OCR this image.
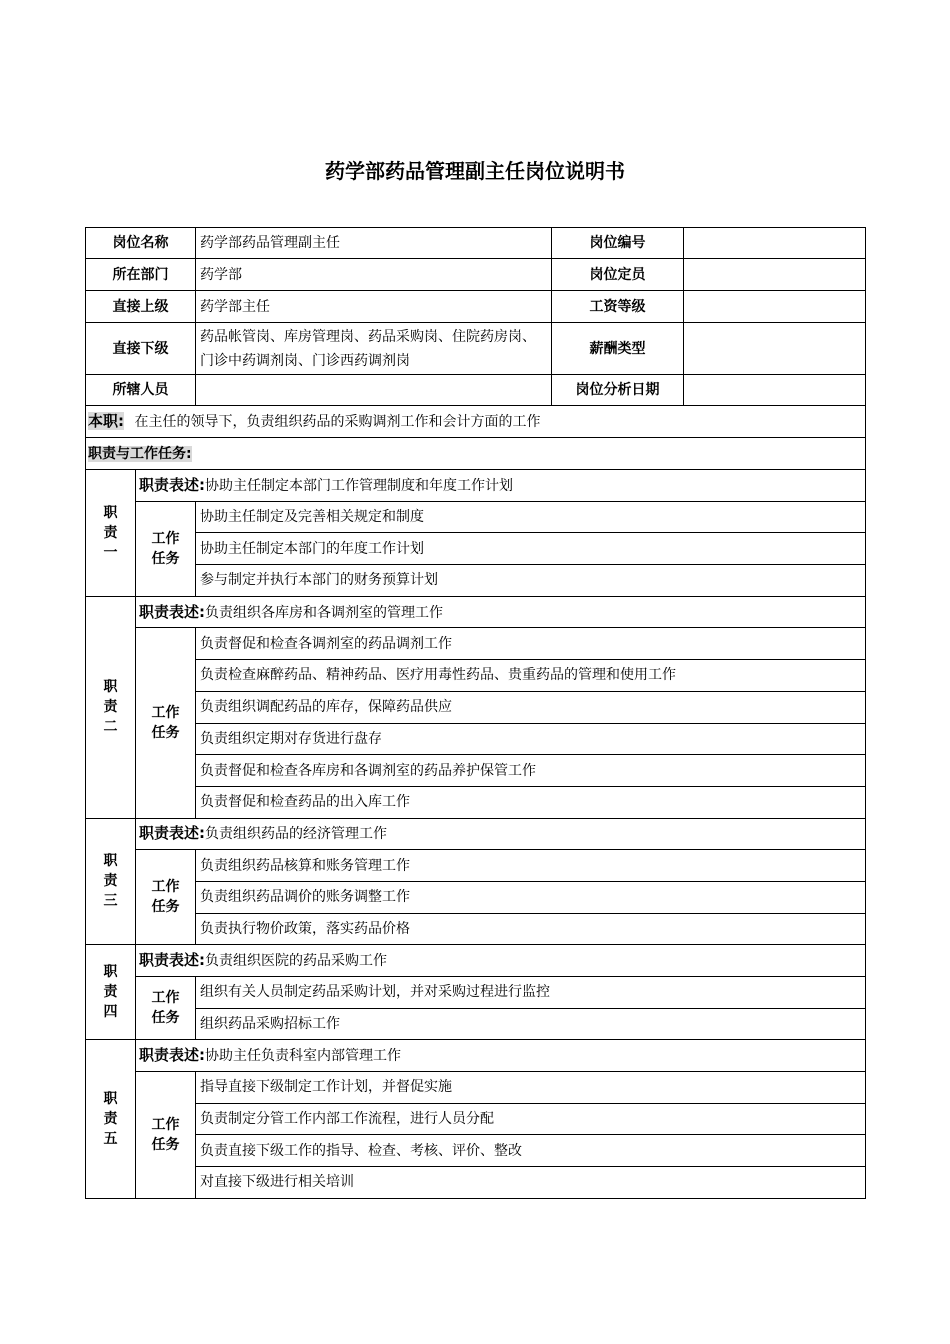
药学部药品管理副主任岗位说明书
岗位名称		药学部药品管理副主任	岗位编号	
所在部门		药学部	岗位定员	
直接上级		药学部主任	工资等级	
直接下级		药品帐管岗、库房管理岗、药品采购岗、住院药房岗、门诊中药调剂岗、门诊西药调剂岗	薪酬类型	
所辖人员			岗位分析日期	
本职: 在主任的领导下，负责组织药品的采购调剂工作和会计方面的工作				
职责与工作任务:				
职责一	职责表述:协助主任制定本部门工作管理制度和年度工作计划			
	工作任务	协助主任制定及完善相关规定和制度		
		协助主任制定本部门的年度工作计划		
		参与制定并执行本部门的财务预算计划		
职责二	职责表述:负责组织各库房和各调剂室的管理工作			
	工作任务	负责督促和检查各调剂室的药品调剂工作		
		负责检查麻醉药品、精神药品、医疗用毒性药品、贵重药品的管理和使用工作		
		负责组织调配药品的库存，保障药品供应		
		负责组织定期对存货进行盘存		
		负责督促和检查各库房和各调剂室的药品养护保管工作		
		负责督促和检查药品的出入库工作		
职责三	职责表述:负责组织药品的经济管理工作			
	工作任务	负责组织药品核算和账务管理工作		
		负责组织药品调价的账务调整工作		
		负责执行物价政策，落实药品价格		
职责四	职责表述:负责组织医院的药品采购工作			
	工作任务	组织有关人员制定药品采购计划，并对采购过程进行监控		
		组织药品采购招标工作		
职责五	职责表述:协助主任负责科室内部管理工作			
	工作任务	指导直接下级制定工作计划，并督促实施		
		负责制定分管工作内部工作流程，进行人员分配		
		负责直接下级工作的指导、检查、考核、评价、整改		
		对直接下级进行相关培训		
